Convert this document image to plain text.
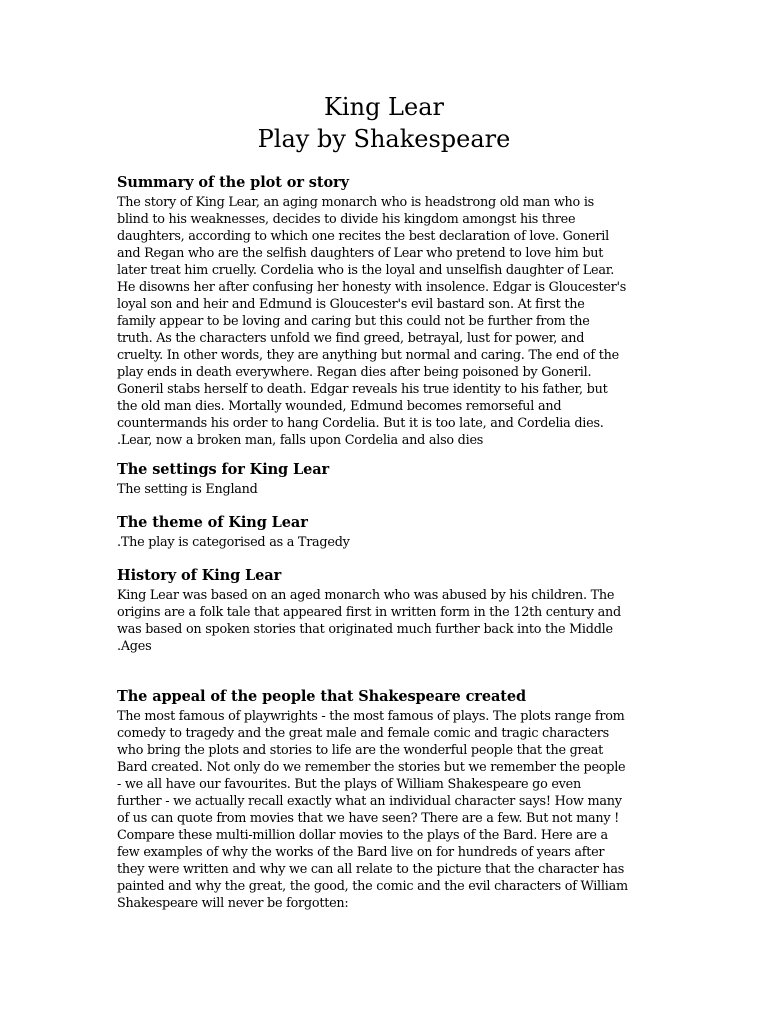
King Lear
Play by Shakespeare
Summary of the plot or story
The story of King Lear, an aging monarch who is headstrong old man who is
blind to his weaknesses, decides to divide his kingdom amongst his three
daughters, according to which one recites the best declaration of love. Goneril
and Regan who are the selfish daughters of Lear who pretend to love him but
later treat him cruelly. Cordelia who is the loyal and unselfish daughter of Lear.
He disowns her after confusing her honesty with insolence. Edgar is Gloucester's
loyal son and heir and Edmund is Gloucester's evil bastard son. At first the
family appear to be loving and caring but this could not be further from the
truth. As the characters unfold we find greed, betrayal, lust for power, and
cruelty. In other words, they are anything but normal and caring. The end of the
play ends in death everywhere. Regan dies after being poisoned by Goneril.
Goneril stabs herself to death. Edgar reveals his true identity to his father, but
the old man dies. Mortally wounded, Edmund becomes remorseful and
countermands his order to hang Cordelia. But it is too late, and Cordelia dies.
.Lear, now a broken man, falls upon Cordelia and also dies
The settings for King Lear
The setting is England
The theme of King Lear
.The play is categorised as a Tragedy
History of King Lear
King Lear was based on an aged monarch who was abused by his children. The
origins are a folk tale that appeared first in written form in the 12th century and
was based on spoken stories that originated much further back into the Middle
.Ages
The appeal of the people that Shakespeare created
The most famous of playwrights - the most famous of plays. The plots range from
comedy to tragedy and the great male and female comic and tragic characters
who bring the plots and stories to life are the wonderful people that the great
Bard created. Not only do we remember the stories but we remember the people
- we all have our favourites. But the plays of William Shakespeare go even
further - we actually recall exactly what an individual character says! How many
of us can quote from movies that we have seen? There are a few. But not many !
Compare these multi-million dollar movies to the plays of the Bard. Here are a
few examples of why the works of the Bard live on for hundreds of years after
they were written and why we can all relate to the picture that the character has
painted and why the great, the good, the comic and the evil characters of William
Shakespeare will never be forgotten:
